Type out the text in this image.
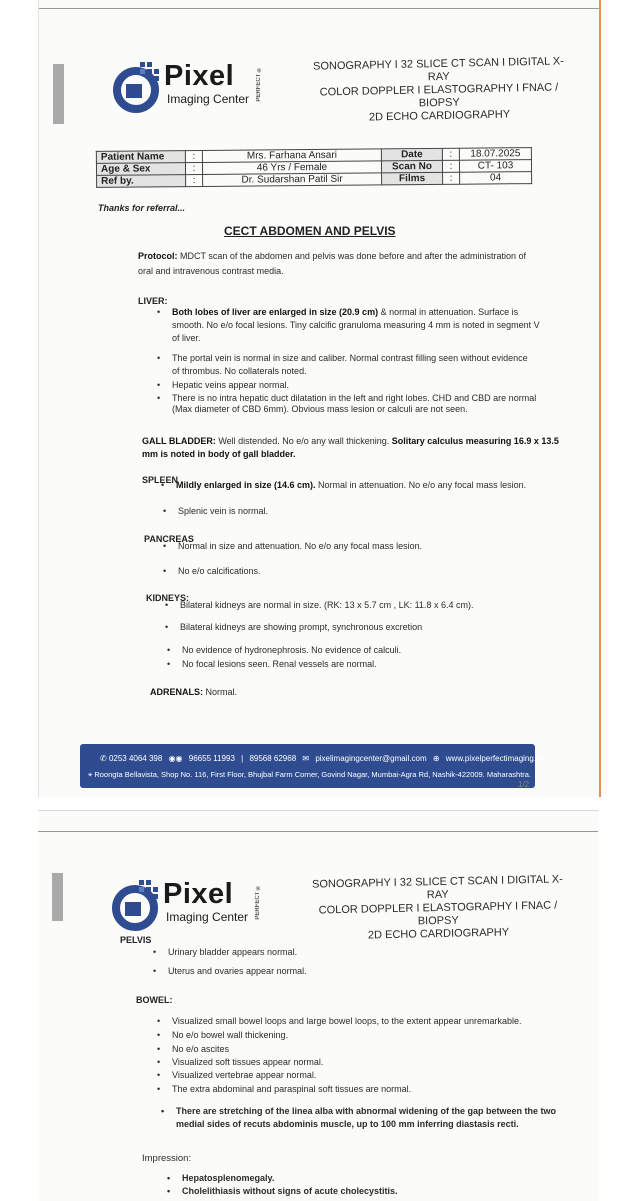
Pixel	PERFECT ®
Imaging Center
SONOGRAPHY I 32 SLICE CT SCAN I DIGITAL X-RAY
COLOR DOPPLER I ELASTOGRAPHY I FNAC / BIOPSY
2D ECHO CARDIOGRAPHY
Patient Name	:	Mrs. Farhana Ansari	Date	:	18.07.2025
Age & Sex	:	46 Yrs / Female	Scan No	:	CT- 103
Ref by.	:	Dr. Sudarshan Patil Sir	Films	:	04
Thanks for referral...
CECT ABDOMEN AND PELVIS
Protocol: MDCT scan of the abdomen and pelvis was done before and after the administration of
oral and intravenous contrast media.
LIVER:
• Both lobes of liver are enlarged in size (20.9 cm) & normal in attenuation. Surface is
smooth. No e/o focal lesions. Tiny calcific granuloma measuring 4 mm is noted in segment V
of liver.
• The portal vein is normal in size and caliber. Normal contrast filling seen without evidence
of thrombus. No collaterals noted.
• Hepatic veins appear normal.
• There is no intra hepatic duct dilatation in the left and right lobes. CHD and CBD are normal
(Max diameter of CBD 6mm). Obvious mass lesion or calculi are not seen.
GALL BLADDER: Well distended. No e/o any wall thickening. Solitary calculus measuring 16.9 x 13.5
mm is noted in body of gall bladder.
SPLEEN
• Mildly enlarged in size (14.6 cm). Normal in attenuation. No e/o any focal mass lesion.
• Splenic vein is normal.
PANCREAS
• Normal in size and attenuation. No e/o any focal mass lesion.
• No e/o calcifications.
KIDNEYS:
• Bilateral kidneys are normal in size. (RK: 13 x 5.7 cm , LK: 11.8 x 6.4 cm).
• Bilateral kidneys are showing prompt, synchronous excretion
• No evidence of hydronephrosis. No evidence of calculi.
• No focal lesions seen. Renal vessels are normal.
ADRENALS: Normal.
✆ 0253 4064 398 ◉◉ 96655 11993 | 89568 62968 ✉ pixelimagingcenter@gmail.com ⊕ www.pixelperfectimaging.in
⌖ Roongta Bellavista, Shop No. 116, First Floor, Bhujbal Farm Corner, Govind Nagar, Mumbai-Agra Rd, Nashik-422009. Maharashtra.
1/2
Pixel	PERFECT ®
Imaging Center
SONOGRAPHY I 32 SLICE CT SCAN I DIGITAL X-RAY
COLOR DOPPLER I ELASTOGRAPHY I FNAC / BIOPSY
2D ECHO CARDIOGRAPHY
PELVIS
• Urinary bladder appears normal.
• Uterus and ovaries appear normal.
BOWEL:
• Visualized small bowel loops and large bowel loops, to the extent appear unremarkable.
• No e/o bowel wall thickening.
• No e/o ascites
• Visualized soft tissues appear normal.
• Visualized vertebrae appear normal.
• The extra abdominal and paraspinal soft tissues are normal.
• There are stretching of the linea alba with abnormal widening of the gap between the two
medial sides of recuts abdominis muscle, up to 100 mm inferring diastasis recti.
Impression:
• Hepatosplenomegaly.
• Cholelithiasis without signs of acute cholecystitis.
